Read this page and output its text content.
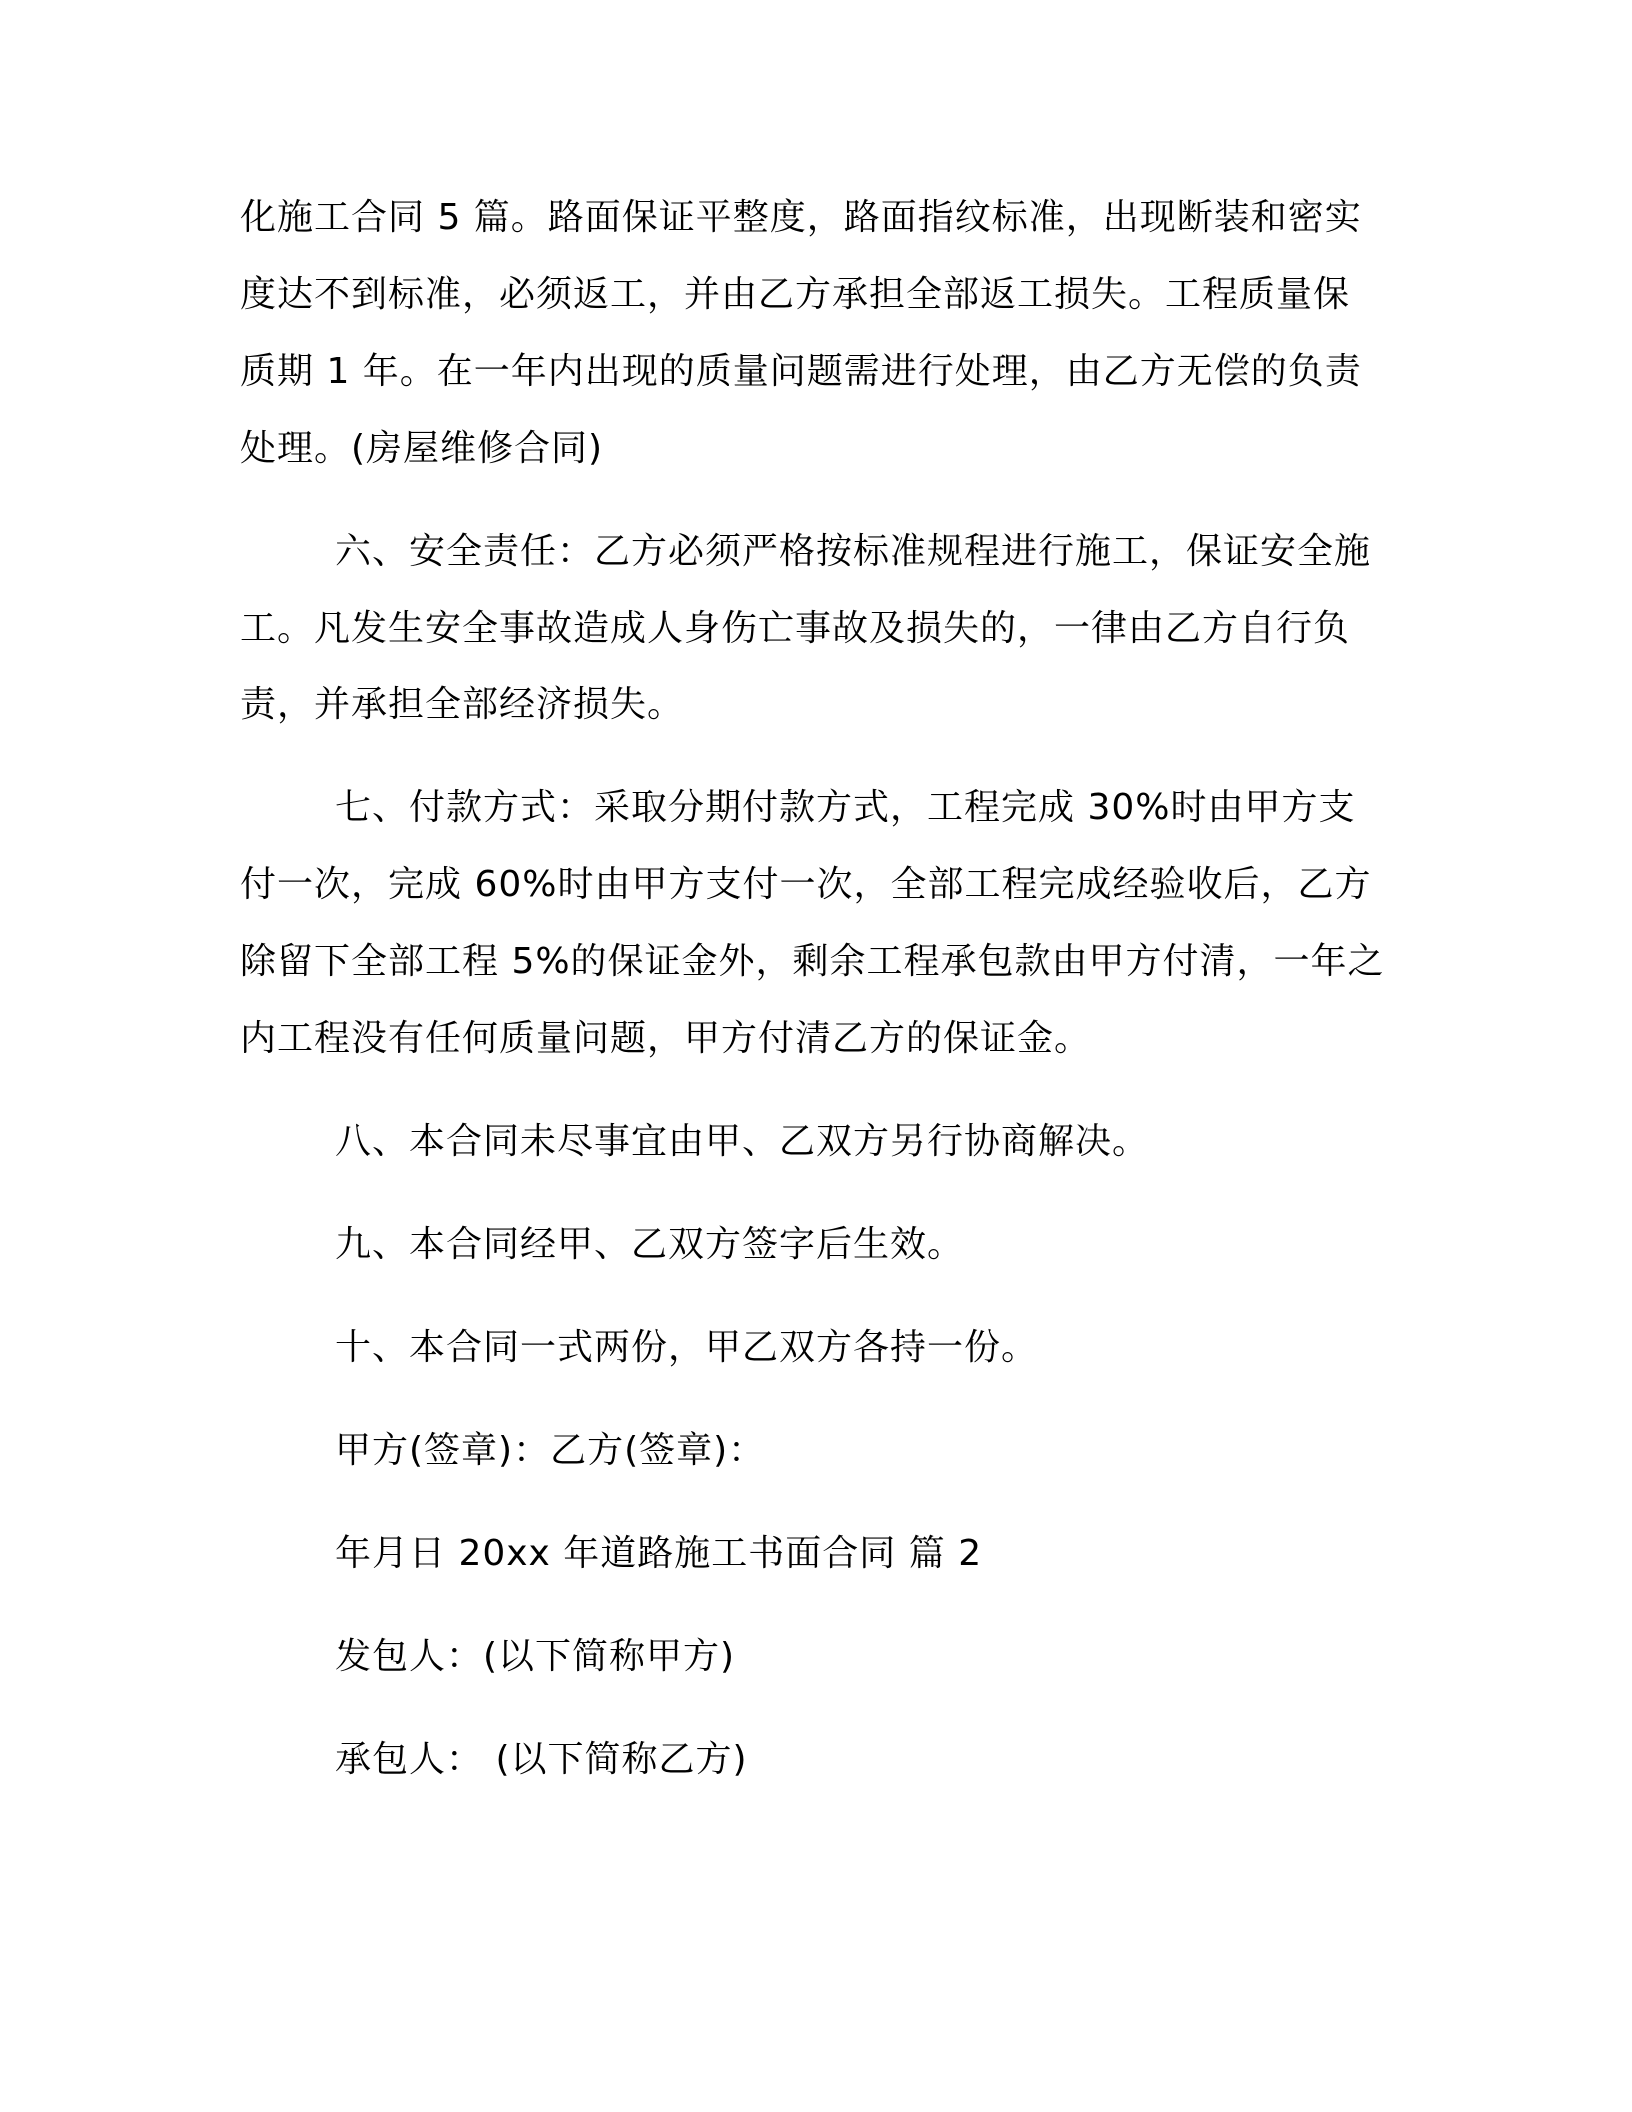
化施工合同 5 篇。路面保证平整度，路面指纹标准，出现断装和密实

度达不到标准，必须返工，并由乙方承担全部返工损失。工程质量保

质期 1 年。在一年内出现的质量问题需进行处理，由乙方无偿的负责

处理。(房屋维修合同)

六、安全责任：乙方必须严格按标准规程进行施工，保证安全施

工。凡发生安全事故造成人身伤亡事故及损失的，一律由乙方自行负

责，并承担全部经济损失。

七、付款方式：采取分期付款方式，工程完成 30%时由甲方支

付一次，完成 60%时由甲方支付一次，全部工程完成经验收后，乙方

除留下全部工程 5%的保证金外，剩余工程承包款由甲方付清，一年之

内工程没有任何质量问题，甲方付清乙方的保证金。

八、本合同未尽事宜由甲、乙双方另行协商解决。

九、本合同经甲、乙双方签字后生效。

十、本合同一式两份，甲乙双方各持一份。

甲方(签章)：乙方(签章)：

年月日 20xx 年道路施工书面合同 篇 2

发包人：(以下简称甲方)

承包人： (以下简称乙方)
